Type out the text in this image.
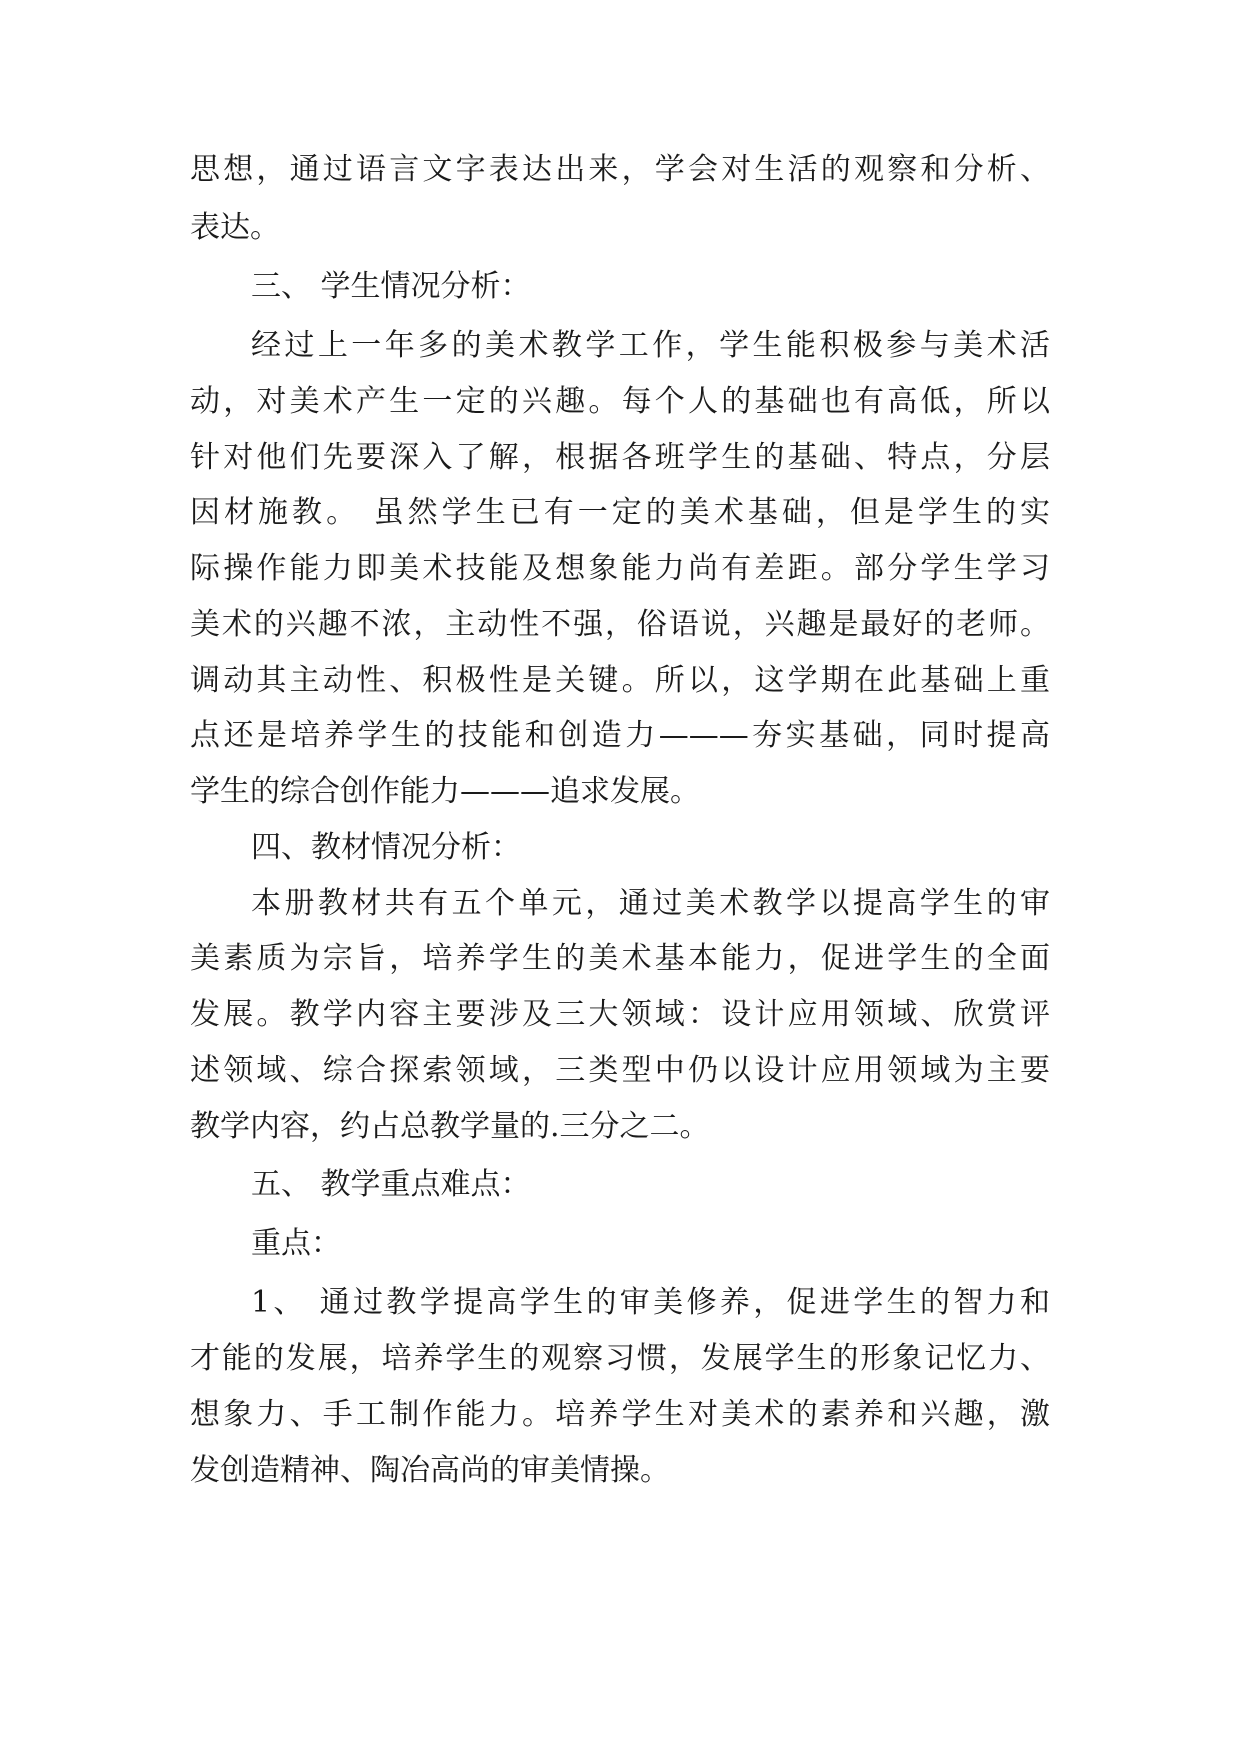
思想，通过语言文字表达出来，学会对生活的观察和分析、
表达。
三、 学生情况分析：
经过上一年多的美术教学工作，学生能积极参与美术活
动，对美术产生一定的兴趣。每个人的基础也有高低，所以
针对他们先要深入了解，根据各班学生的基础、特点，分层
因材施教。 虽然学生已有一定的美术基础，但是学生的实
际操作能力即美术技能及想象能力尚有差距。部分学生学习
美术的兴趣不浓，主动性不强，俗语说，兴趣是最好的老师。
调动其主动性、积极性是关键。所以，这学期在此基础上重
点还是培养学生的技能和创造力———夯实基础，同时提高
学生的综合创作能力———追求发展。
四、教材情况分析：
本册教材共有五个单元，通过美术教学以提高学生的审
美素质为宗旨，培养学生的美术基本能力，促进学生的全面
发展。教学内容主要涉及三大领域：设计应用领域、欣赏评
述领域、综合探索领域，三类型中仍以设计应用领域为主要
教学内容，约占总教学量的.三分之二。
五、 教学重点难点：
重点：
1、 通过教学提高学生的审美修养，促进学生的智力和
才能的发展，培养学生的观察习惯，发展学生的形象记忆力、
想象力、手工制作能力。培养学生对美术的素养和兴趣，激
发创造精神、陶冶高尚的审美情操。
